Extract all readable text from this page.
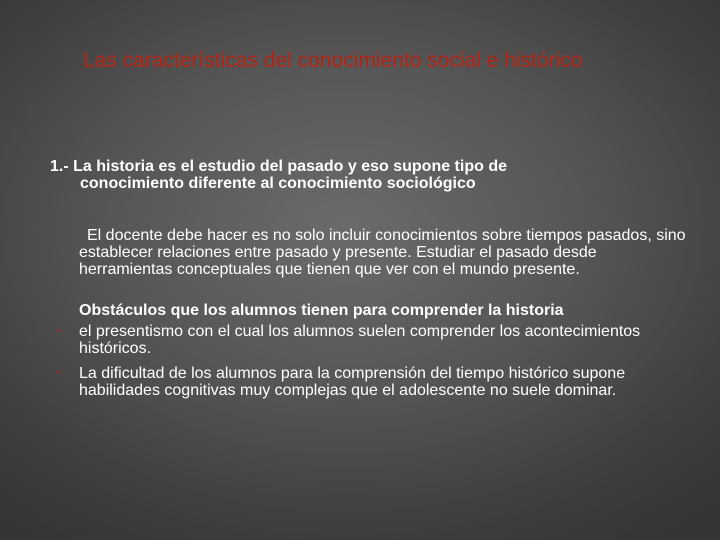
Las características del conocimiento social e histórico
1.- La historia es el estudio del pasado y eso supone tipo de
conocimiento diferente al conocimiento sociológico
El docente debe hacer es no solo incluir conocimientos sobre tiempos pasados, sino establecer relaciones entre pasado y presente. Estudiar el pasado desde herramientas conceptuales que tienen que ver con el mundo presente.
Obstáculos que los alumnos tienen para comprender la historia
• el presentismo con el cual los alumnos suelen comprender los acontecimientos históricos.
• La dificultad de los alumnos para la comprensión del tiempo histórico supone habilidades cognitivas muy complejas que el adolescente no suele dominar.
